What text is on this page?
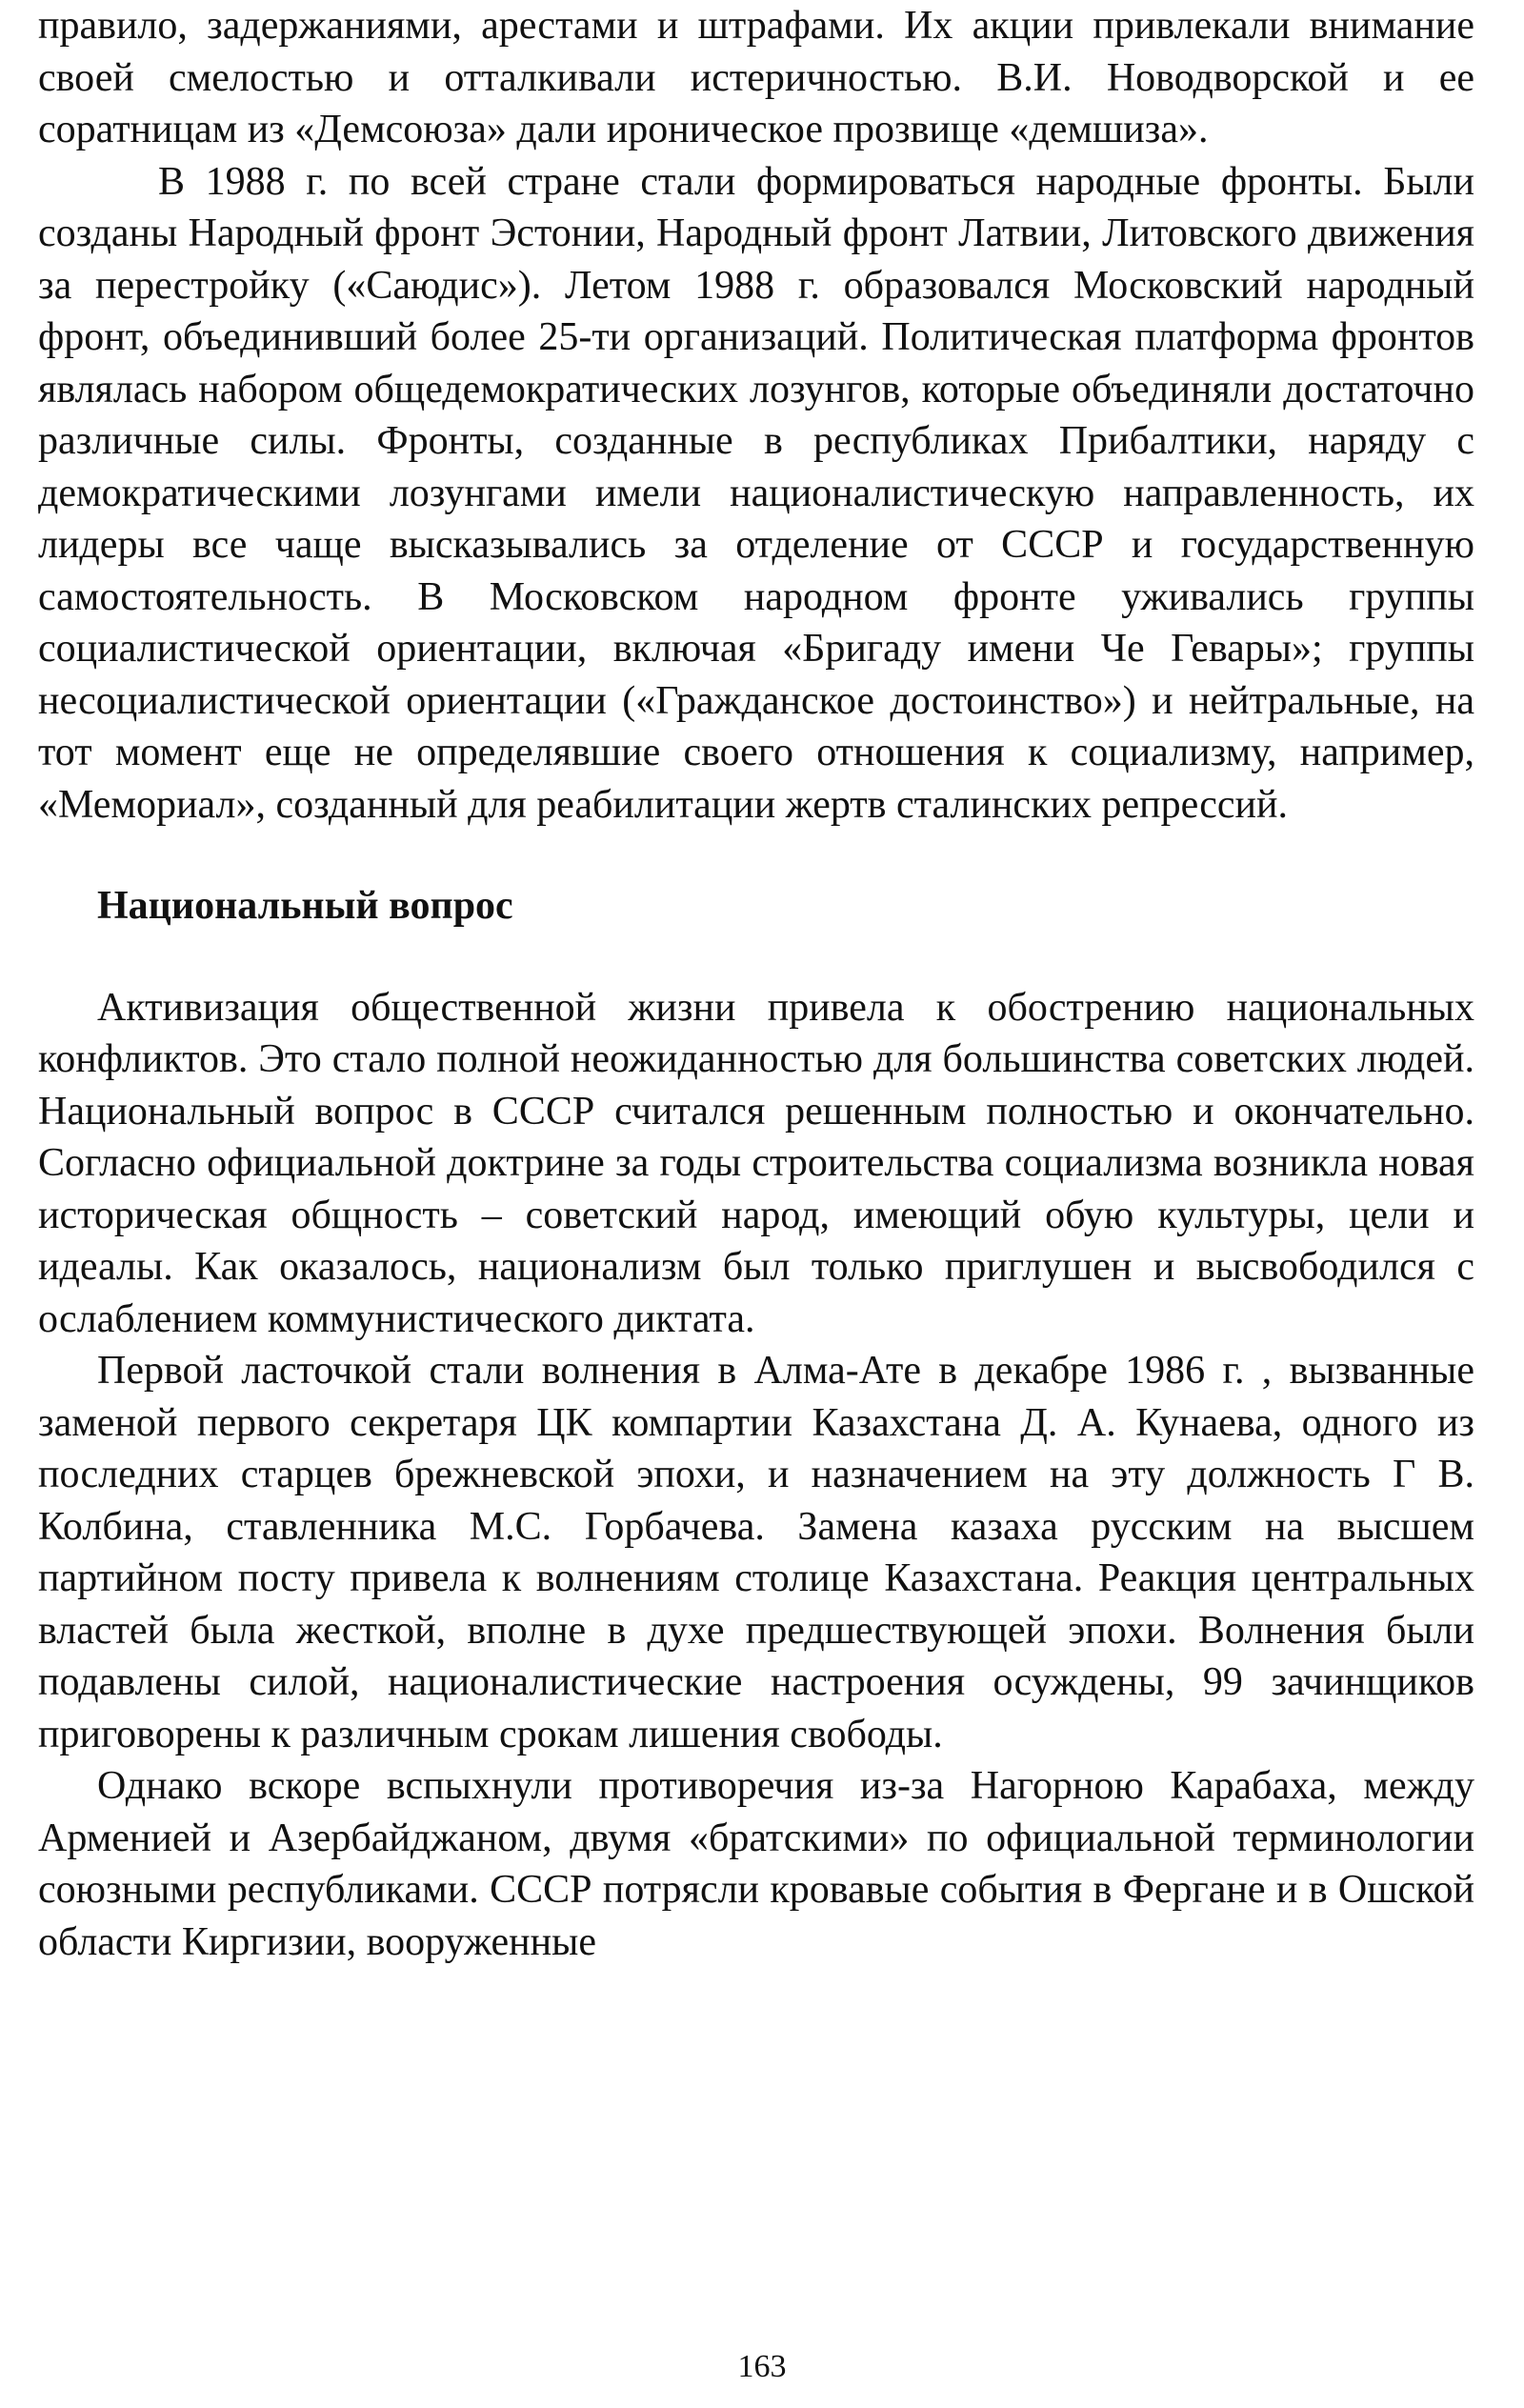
правило, задержаниями, арестами и штрафами. Их акции привлекали внимание своей смелостью и отталкивали истеричностью. В.И. Новодворской и ее соратницам из «Демсоюза» дали ироническое прозвище «демшиза».

В 1988 г. по всей стране стали формироваться народные фронты. Были созданы Народный фронт Эстонии, Народный фронт Латвии, Литовского движения за перестройку («Саюдис»). Летом 1988 г. образовался Московский народный фронт, объединивший более 25-ти организаций. Политическая платформа фронтов являлась набором общедемократических лозунгов, которые объединяли достаточно различные силы. Фронты, созданные в республиках Прибалтики, наряду с демократическими лозунгами имели националистическую направленность, их лидеры все чаще высказывались за отделение от СССР и государственную самостоятельность. В Московском народном фронте уживались группы социалистической ориентации, включая «Бригаду имени Че Гевары»; группы несоциалистической ориентации («Гражданское достоинство») и нейтральные, на тот момент еще не определявшие своего отношения к социализму, например, «Мемориал», созданный для реабилитации жертв сталинских репрессий.

Национальный вопрос

Активизация общественной жизни привела к обострению национальных конфликтов. Это стало полной неожиданностью для большинства советских людей. Национальный вопрос в СССР считался решенным полностью и окончательно. Согласно официальной доктрине за годы строительства социализма возникла новая историческая общность – советский народ, имеющий обую культуры, цели и идеалы. Как оказалось, национализм был только приглушен и высвободился с ослаблением коммунистического диктата.

Первой ласточкой стали волнения в Алма-Ате в декабре 1986 г. , вызванные заменой первого секретаря ЦК компартии Казахстана Д. А. Кунаева, одного из последних старцев брежневской эпохи, и назначением на эту должность Г В. Колбина, ставленника М.С. Горбачева. Замена казаха русским на высшем партийном посту привела к волнениям столице Казахстана. Реакция центральных властей была жесткой, вполне в духе предшествующей эпохи. Волнения были подавлены силой, националистические настроения осуждены, 99 зачинщиков приговорены к различным срокам лишения свободы.

Однако вскоре вспыхнули противоречия из-за Нагорною Карабаха, между Арменией и Азербайджаном, двумя «братскими» по официальной терминологии союзными республиками. СССР потрясли кровавые события в Фергане и в Ошской области Киргизии, вооруженные

163
